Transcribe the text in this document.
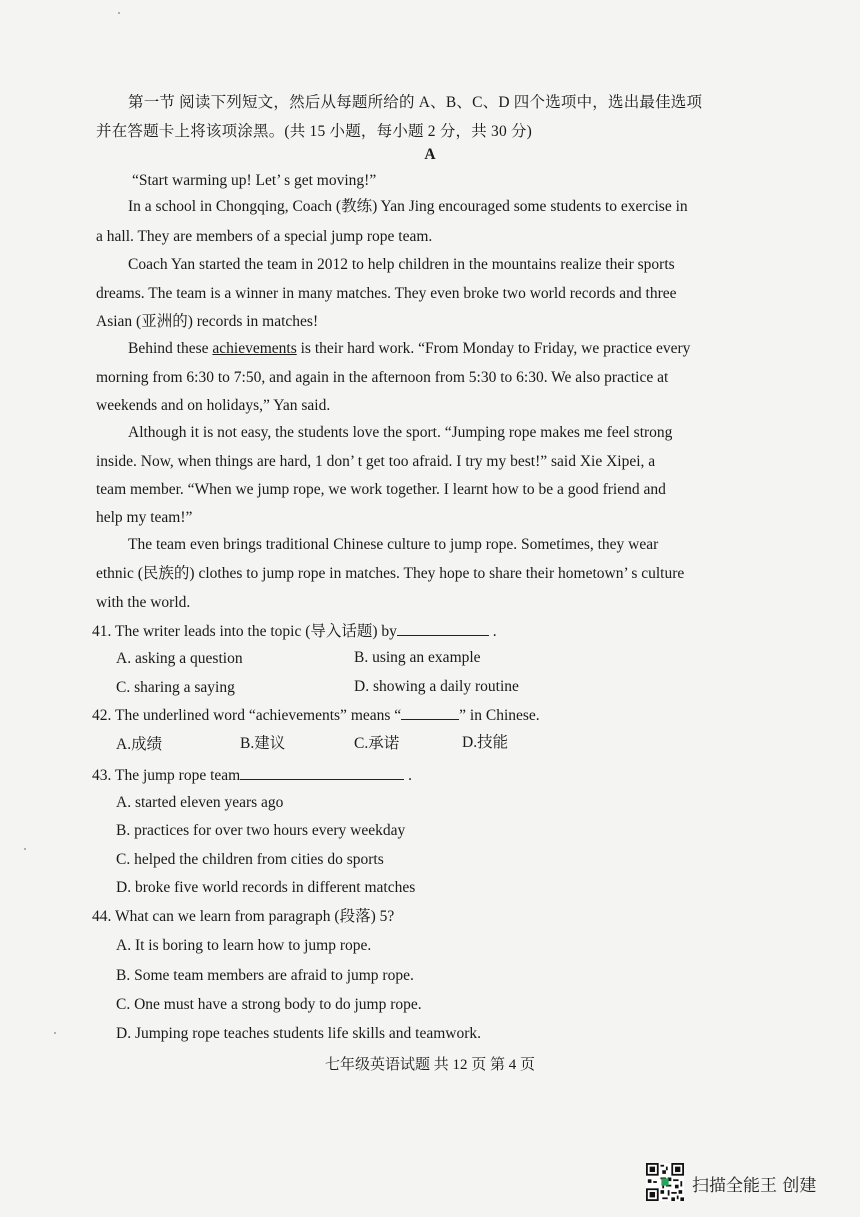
第一节 阅读下列短文，然后从每题所给的 A、B、C、D 四个选项中，选出最佳选项
并在答题卡上将该项涂黑。(共 15 小题，每小题 2 分，共 30 分)
A
“Start warming up! Let’ s get moving!”
In a school in Chongqing, Coach (教练) Yan Jing encouraged some students to exercise in
a hall. They are members of a special jump rope team.
Coach Yan started the team in 2012 to help children in the mountains realize their sports
dreams. The team is a winner in many matches. They even broke two world records and three
Asian (亚洲的) records in matches!
Behind these achievements is their hard work. “From Monday to Friday, we practice every
morning from 6:30 to 7:50, and again in the afternoon from 5:30 to 6:30. We also practice at
weekends and on holidays,” Yan said.
Although it is not easy, the students love the sport. “Jumping rope makes me feel strong
inside. Now, when things are hard, 1 don’ t get too afraid. I try my best!” said Xie Xipei, a
team member. “When we jump rope, we work together. I learnt how to be a good friend and
help my team!”
The team even brings traditional Chinese culture to jump rope. Sometimes, they wear
ethnic (民族的) clothes to jump rope in matches. They hope to share their hometown’ s culture
with the world.
41. The writer leads into the topic (导入话题) by	.
A. asking a question	B. using an example
C. sharing a saying	D. showing a daily routine
42. The underlined word “achievements” means “	” in Chinese.
A.成绩	B.建议	C.承诺	D.技能
43. The jump rope team	.
A. started eleven years ago
B. practices for over two hours every weekday
C. helped the children from cities do sports
D. broke five world records in different matches
44. What can we learn from paragraph (段落) 5?
A. It is boring to learn how to jump rope.
B. Some team members are afraid to jump rope.
C. One must have a strong body to do jump rope.
D. Jumping rope teaches students life skills and teamwork.
七年级英语试题 共 12 页 第 4 页
扫描全能王 创建
